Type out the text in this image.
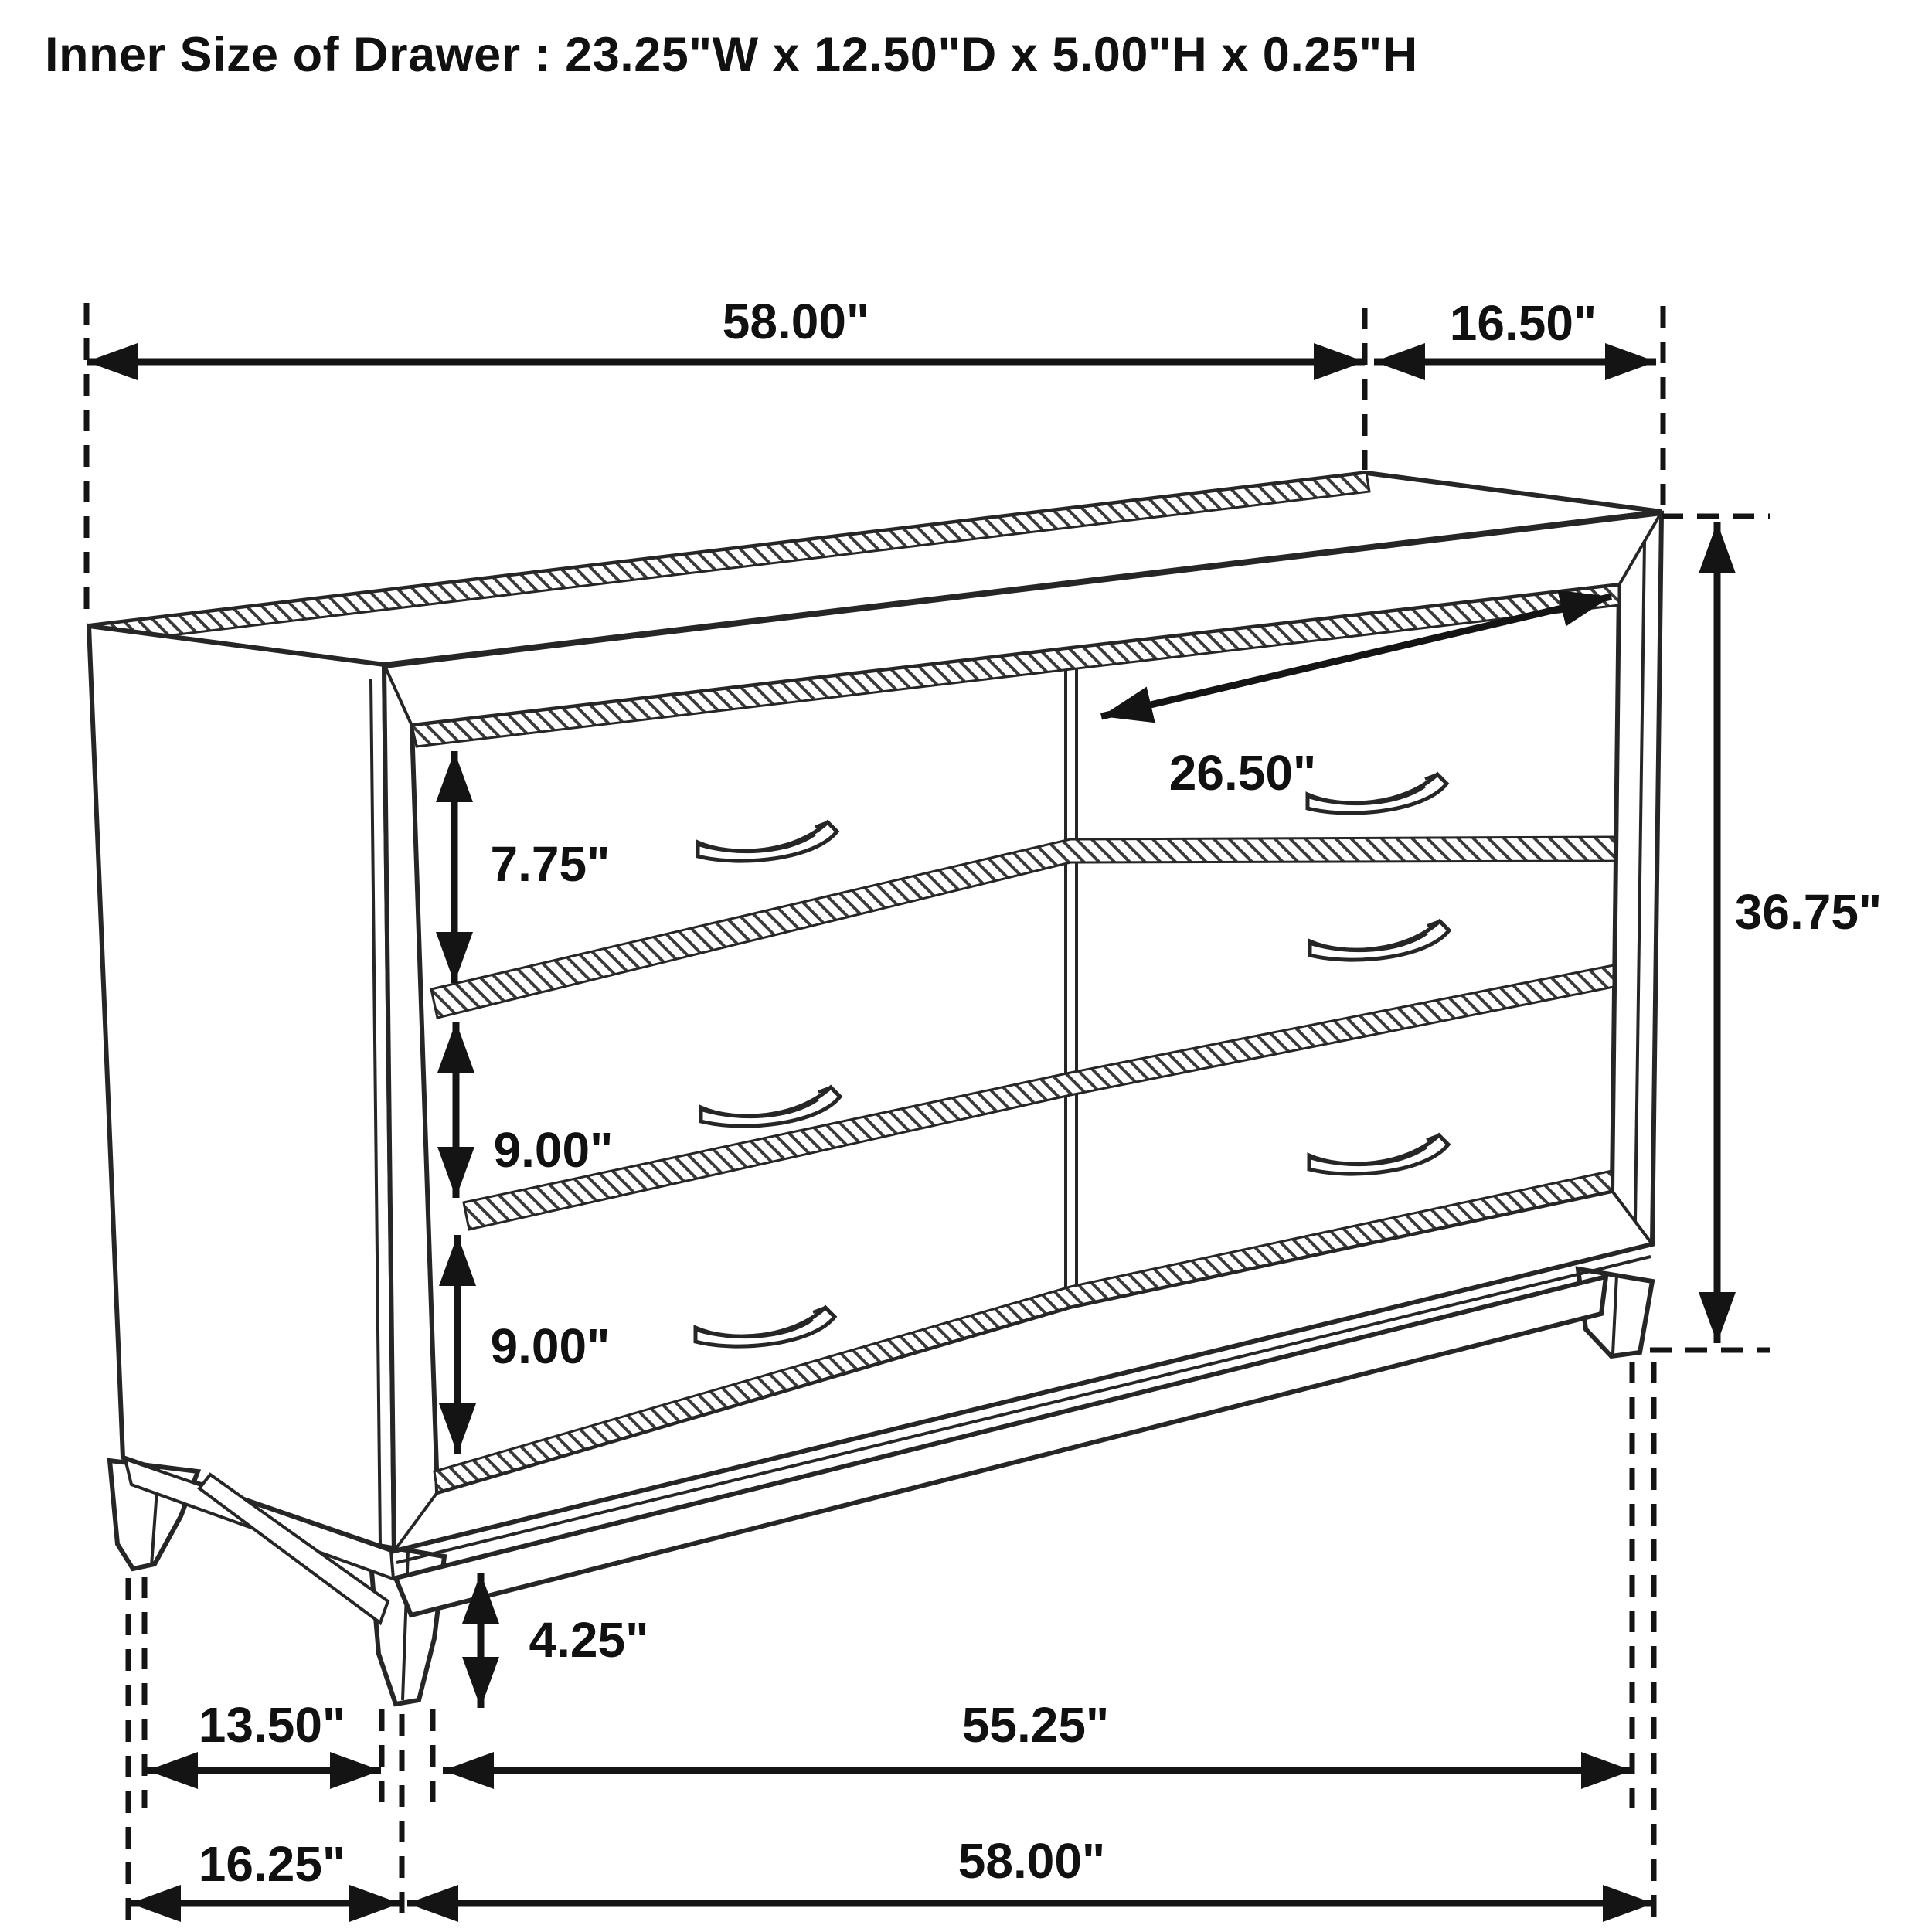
58.00"	16.50"
26.50"
7.75"
9.00"
9.00"
36.75"
4.25"
13.50"	55.25"
16.25"	58.00"
Inner Size of Drawer : 23.25"W x 12.50"D x 5.00"H x 0.25"H
